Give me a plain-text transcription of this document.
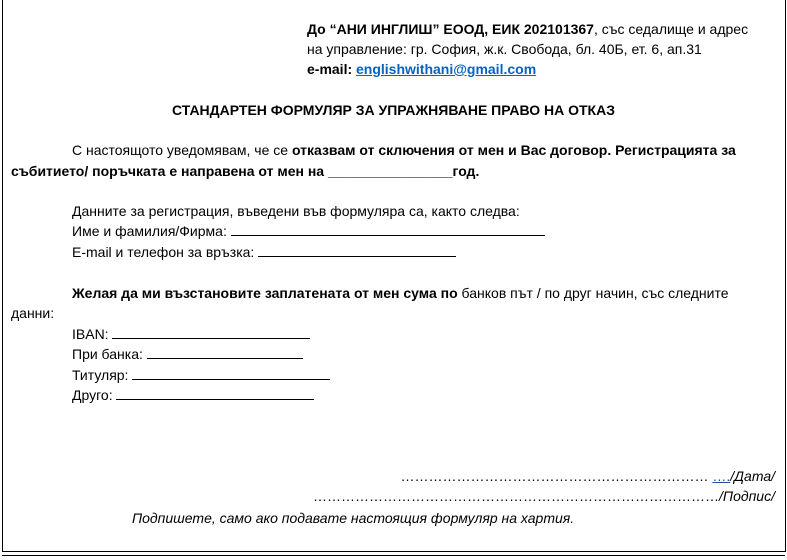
До “АНИ ИНГЛИШ” ЕООД, ЕИК 202101367, със седалище и адрес
на управление: гр. София, ж.к. Свобода, бл. 40Б, ет. 6, ап.31
e-mail: englishwithani@gmail.com
СТАНДАРТЕН ФОРМУЛЯР ЗА УПРАЖНЯВАНЕ ПРАВО НА ОТКАЗ
С настоящото уведомявам, че се отказвам от сключения от мен и Вас договор. Регистрацията за
събитието/ поръчката е направена от мен на ________________год.
Данните за регистрация, въведени във формуляра са, както следва:
Име и фамилия/Фирма:
E-mail и телефон за връзка:
Желая да ми възстановите заплатената от мен сума по банков път / по друг начин, със следните
данни:
IBAN:
При банка:
Титуляр:
Друго:
………………………………………………………… …./Дата/
……………………………………………………………………………/Подпис/
Подпишете, само ако подавате настоящия формуляр на хартия.
